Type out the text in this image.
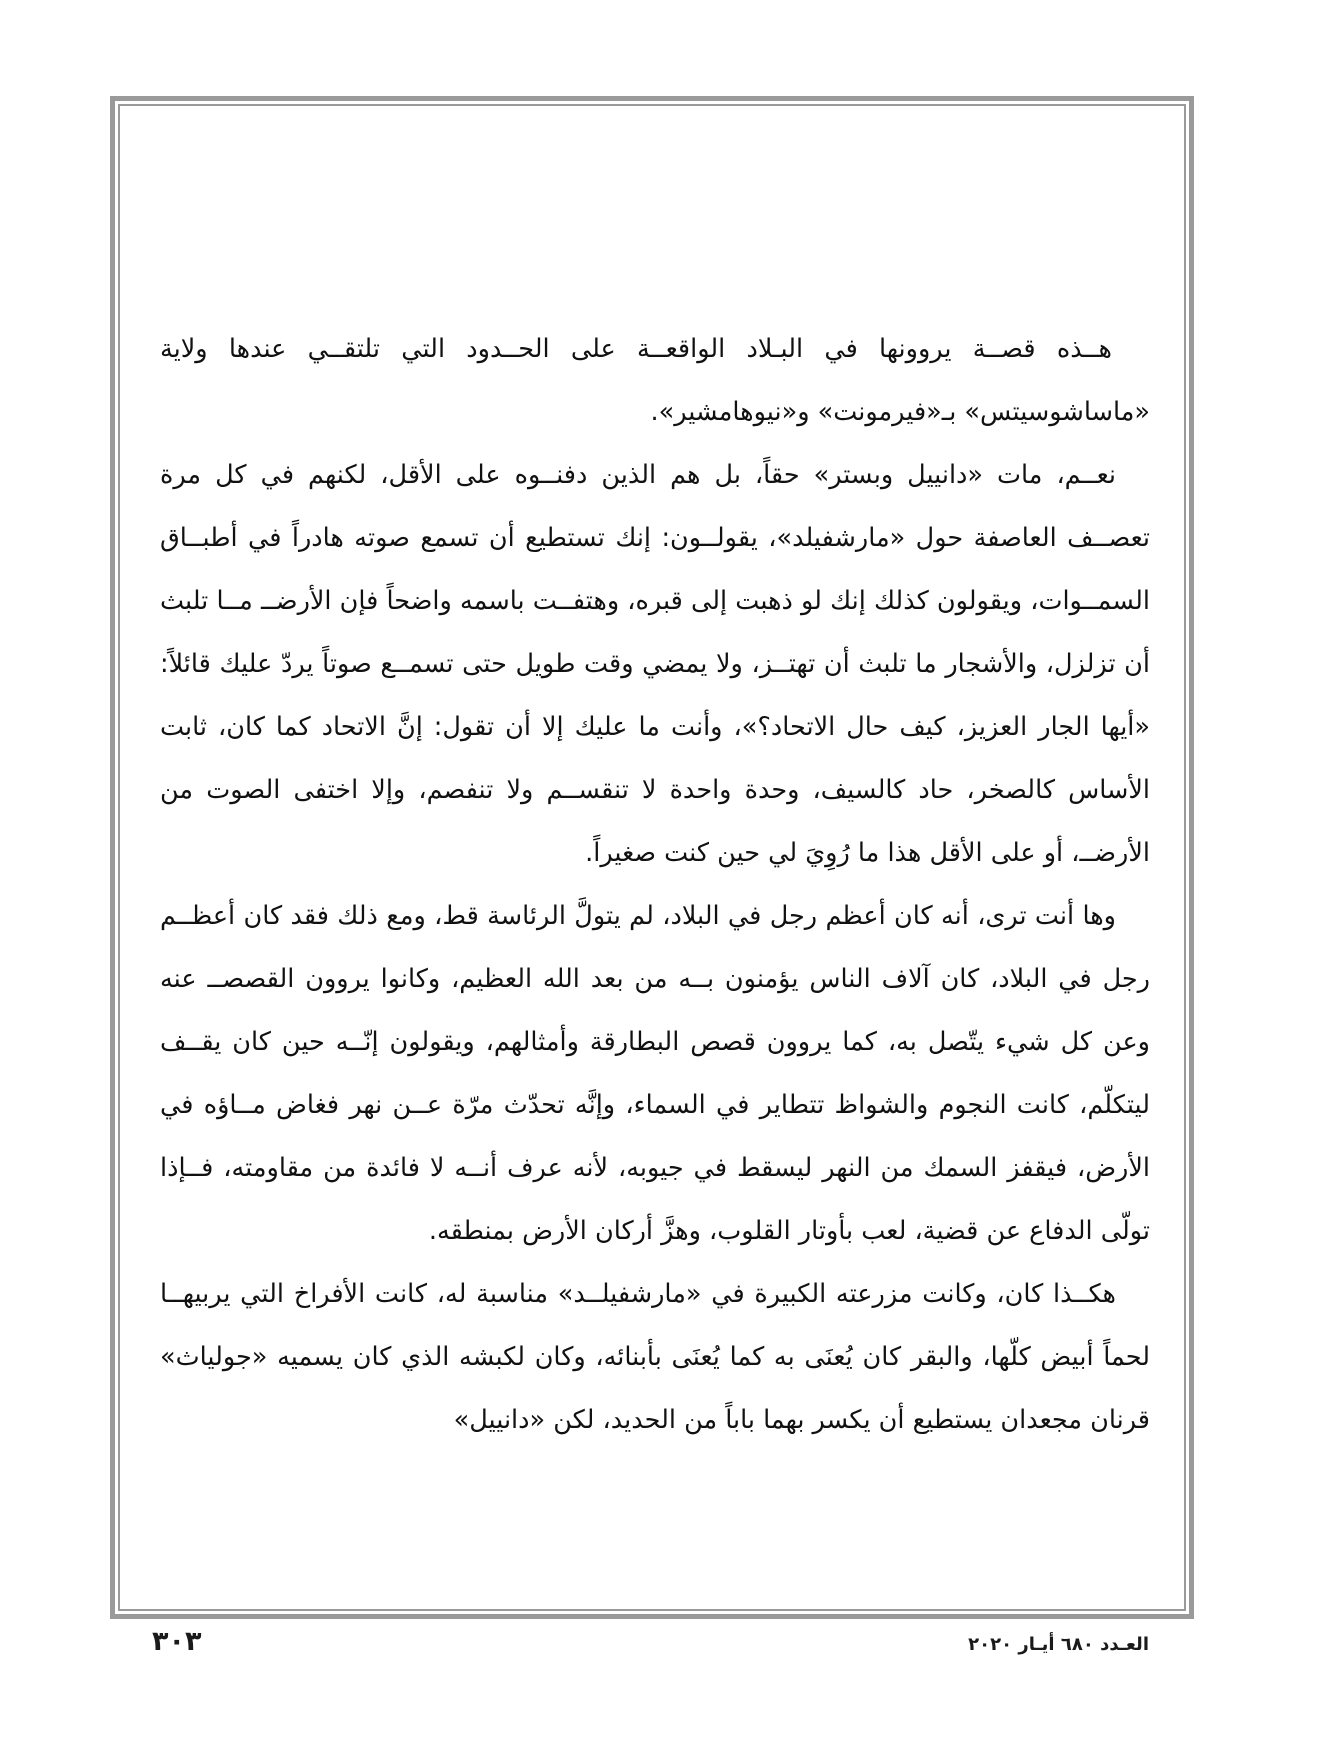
هــذه قصــة يروونها في البـلاد الواقعــة على الحــدود التي تلتقــي عندها ولاية «ماساشوسيتس» بـ«فيرمونت» و«نيوهامشير».

نعــم، مات «دانييل وبستر» حقاً، بل هم الذين دفنــوه على الأقل، لكنهم في كل مرة تعصــف العاصفة حول «مارشفيلد»، يقولــون: إنك تستطيع أن تسمع صوته هادراً في أطبــاق السمــوات، ويقولون كذلك إنك لو ذهبت إلى قبره، وهتفــت باسمه واضحاً فإن الأرضــ مــا تلبث أن تزلزل، والأشجار ما تلبث أن تهتــز، ولا يمضي وقت طويل حتى تسمــع صوتاً يردّ عليك قائلاً: «أيها الجار العزيز، كيف حال الاتحاد؟»، وأنت ما عليك إلا أن تقول: إنَّ الاتحاد كما كان، ثابت الأساس كالصخر، حاد كالسيف، وحدة واحدة لا تنقســم ولا تنفصم، وإلا اختفى الصوت من الأرضــ، أو على الأقل هذا ما رُوِيَ لي حين كنت صغيراً.

وها أنت ترى، أنه كان أعظم رجل في البلاد، لم يتولَّ الرئاسة قط، ومع ذلك فقد كان أعظــم رجل في البلاد، كان آلاف الناس يؤمنون بــه من بعد الله العظيم، وكانوا يروون القصصــ عنه وعن كل شيء يتّصل به، كما يروون قصص البطارقة وأمثالهم، ويقولون إنّــه حين كان يقــف ليتكلّم، كانت النجوم والشواظ تتطاير في السماء، وإنَّه تحدّث مرّة عــن نهر فغاض مــاؤه في الأرض، فيقفز السمك من النهر ليسقط في جيوبه، لأنه عرف أنــه لا فائدة من مقاومته، فــإذا تولّى الدفاع عن قضية، لعب بأوتار القلوب، وهزَّ أركان الأرض بمنطقه.

هكــذا كان، وكانت مزرعته الكبيرة في «مارشفيلــد» مناسبة له، كانت الأفراخ التي يربيهــا لحماً أبيض كلّها، والبقر كان يُعنَى به كما يُعنَى بأبنائه، وكان لكبشه الذي كان يسميه «جولياث» قرنان مجعدان يستطيع أن يكسر بهما باباً من الحديد، لكن «دانييل»

العـدد ٦٨٠ أيـار ٢٠٢٠
٣٠٣
